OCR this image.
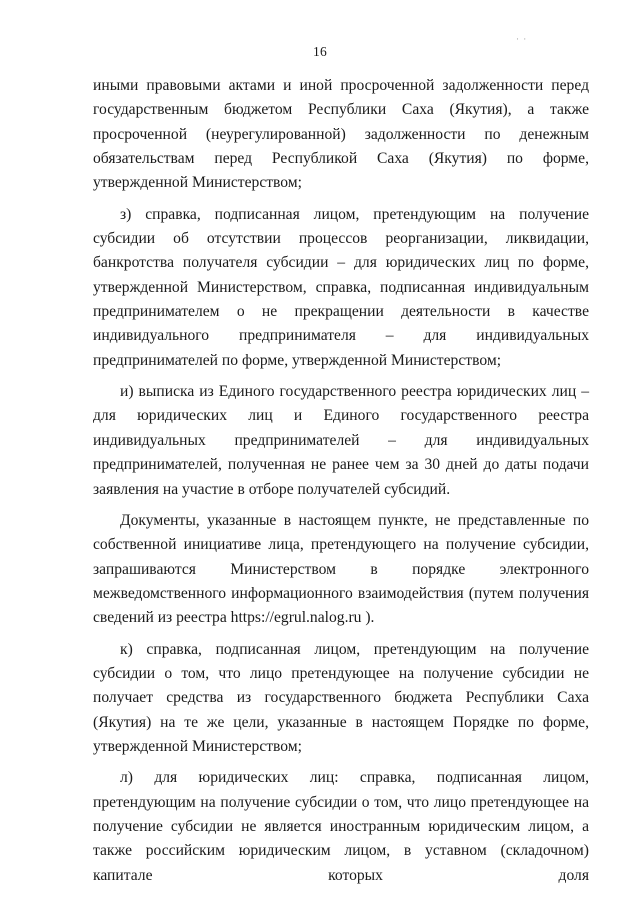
· ·
16

иными правовыми актами и иной просроченной задолженности перед государственным бюджетом Республики Саха (Якутия), а также просроченной (неурегулированной) задолженности по денежным обязательствам перед Республикой Саха (Якутия) по форме, утвержденной Министерством;

з) справка, подписанная лицом, претендующим на получение субсидии об отсутствии процессов реорганизации, ликвидации, банкротства получателя субсидии – для юридических лиц по форме, утвержденной Министерством, справка, подписанная индивидуальным предпринимателем о не прекращении деятельности в качестве индивидуального предпринимателя – для индивидуальных предпринимателей по форме, утвержденной Министерством;

и) выписка из Единого государственного реестра юридических лиц – для юридических лиц и Единого государственного реестра индивидуальных предпринимателей – для индивидуальных предпринимателей, полученная не ранее чем за 30 дней до даты подачи заявления на участие в отборе получателей субсидий.

Документы, указанные в настоящем пункте, не представленные по собственной инициативе лица, претендующего на получение субсидии, запрашиваются Министерством в порядке электронного межведомственного информационного взаимодействия (путем получения сведений из реестра https://egrul.nalog.ru ).

к) справка, подписанная лицом, претендующим на получение субсидии о том, что лицо претендующее на получение субсидии не получает средства из государственного бюджета Республики Саха (Якутия) на те же цели, указанные в настоящем Порядке по форме, утвержденной Министерством;

л) для юридических лиц: справка, подписанная лицом, претендующим на получение субсидии о том, что лицо претендующее на получение субсидии не является иностранным юридическим лицом, а также российским юридическим лицом, в уставном (складочном) капитале которых доля
